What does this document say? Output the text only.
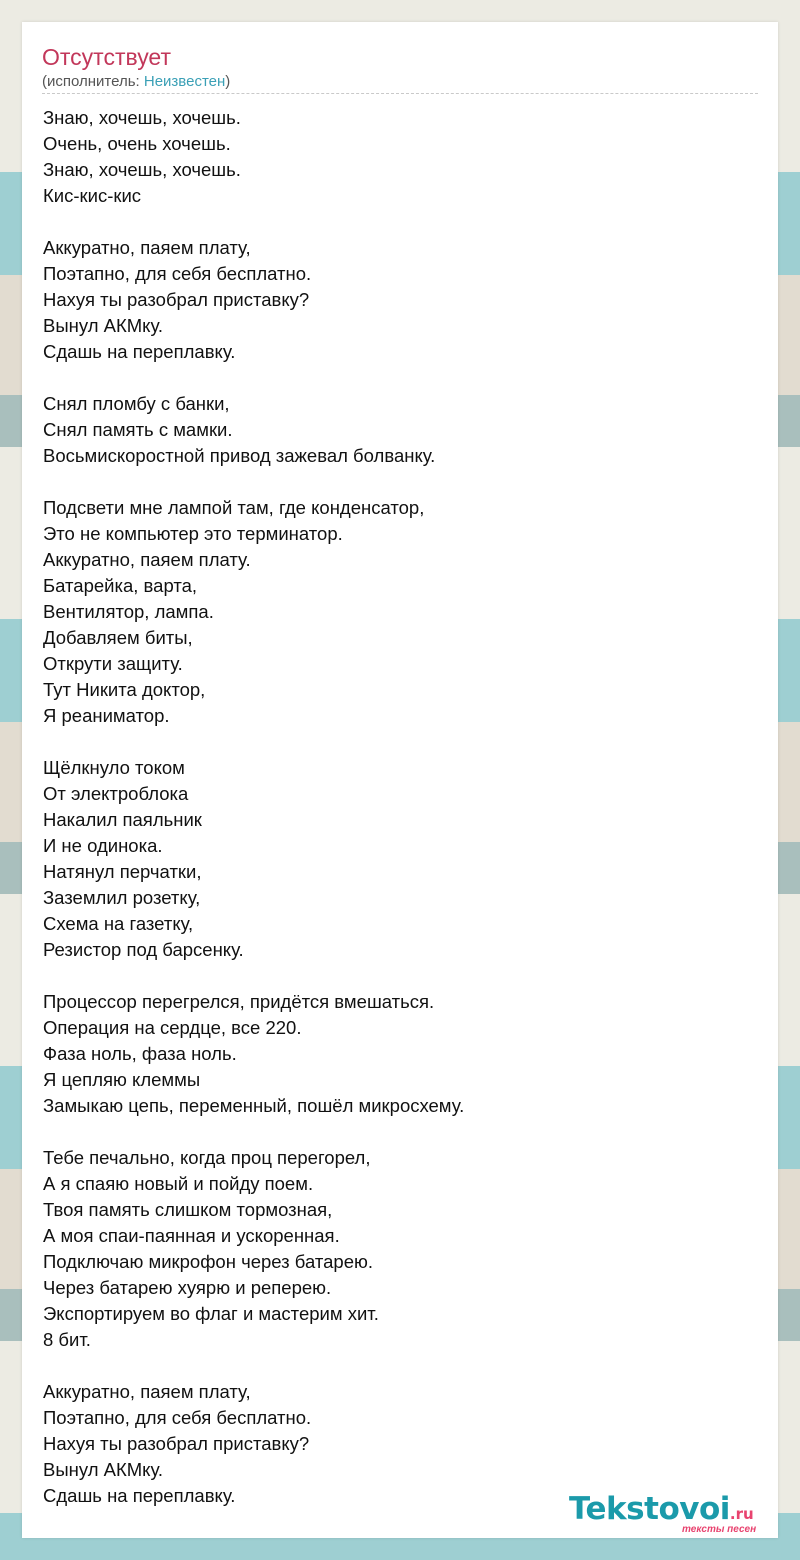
Отсутствует
(исполнитель: Неизвестен)
Знаю, хочешь, хочешь.
Очень, очень хочешь.
Знаю, хочешь, хочешь.
Кис-кис-кис
Аккуратно, паяем плату,
Поэтапно, для себя бесплатно.
Нахуя ты разобрал приставку?
Вынул АКМку.
Сдашь на переплавку.
Снял пломбу с банки,
Снял память с мамки.
Восьмискоростной привод зажевал болванку.
Подсвети мне лампой там, где конденсатор,
Это не компьютер это терминатор.
Аккуратно, паяем плату.
Батарейка, варта,
Вентилятор, лампа.
Добавляем биты,
Открути защиту.
Тут Никита доктор,
Я реаниматор.
Щёлкнуло током
От электроблока
Накалил паяльник
И не одинока.
Натянул перчатки,
Заземлил розетку,
Схема на газетку,
Резистор под барсенку.
Процессор перегрелся, придётся вмешаться.
Операция на сердце, все 220.
Фаза ноль, фаза ноль.
Я цепляю клеммы
Замыкаю цепь, переменный, пошёл микросхему.
Тебе печально, когда проц перегорел,
А я спаяю новый и пойду поем.
Твоя память слишком тормозная,
А моя спаи-паянная и ускоренная.
Подключаю микрофон через батарею.
Через батарею хуярю и реперею.
Экспортируем во флаг и мастерим хит.
8 бит.
Аккуратно, паяем плату,
Поэтапно, для себя бесплатно.
Нахуя ты разобрал приставку?
Вынул АКМку.
Сдашь на переплавку.	Tekstovoi.ru
тексты песен
